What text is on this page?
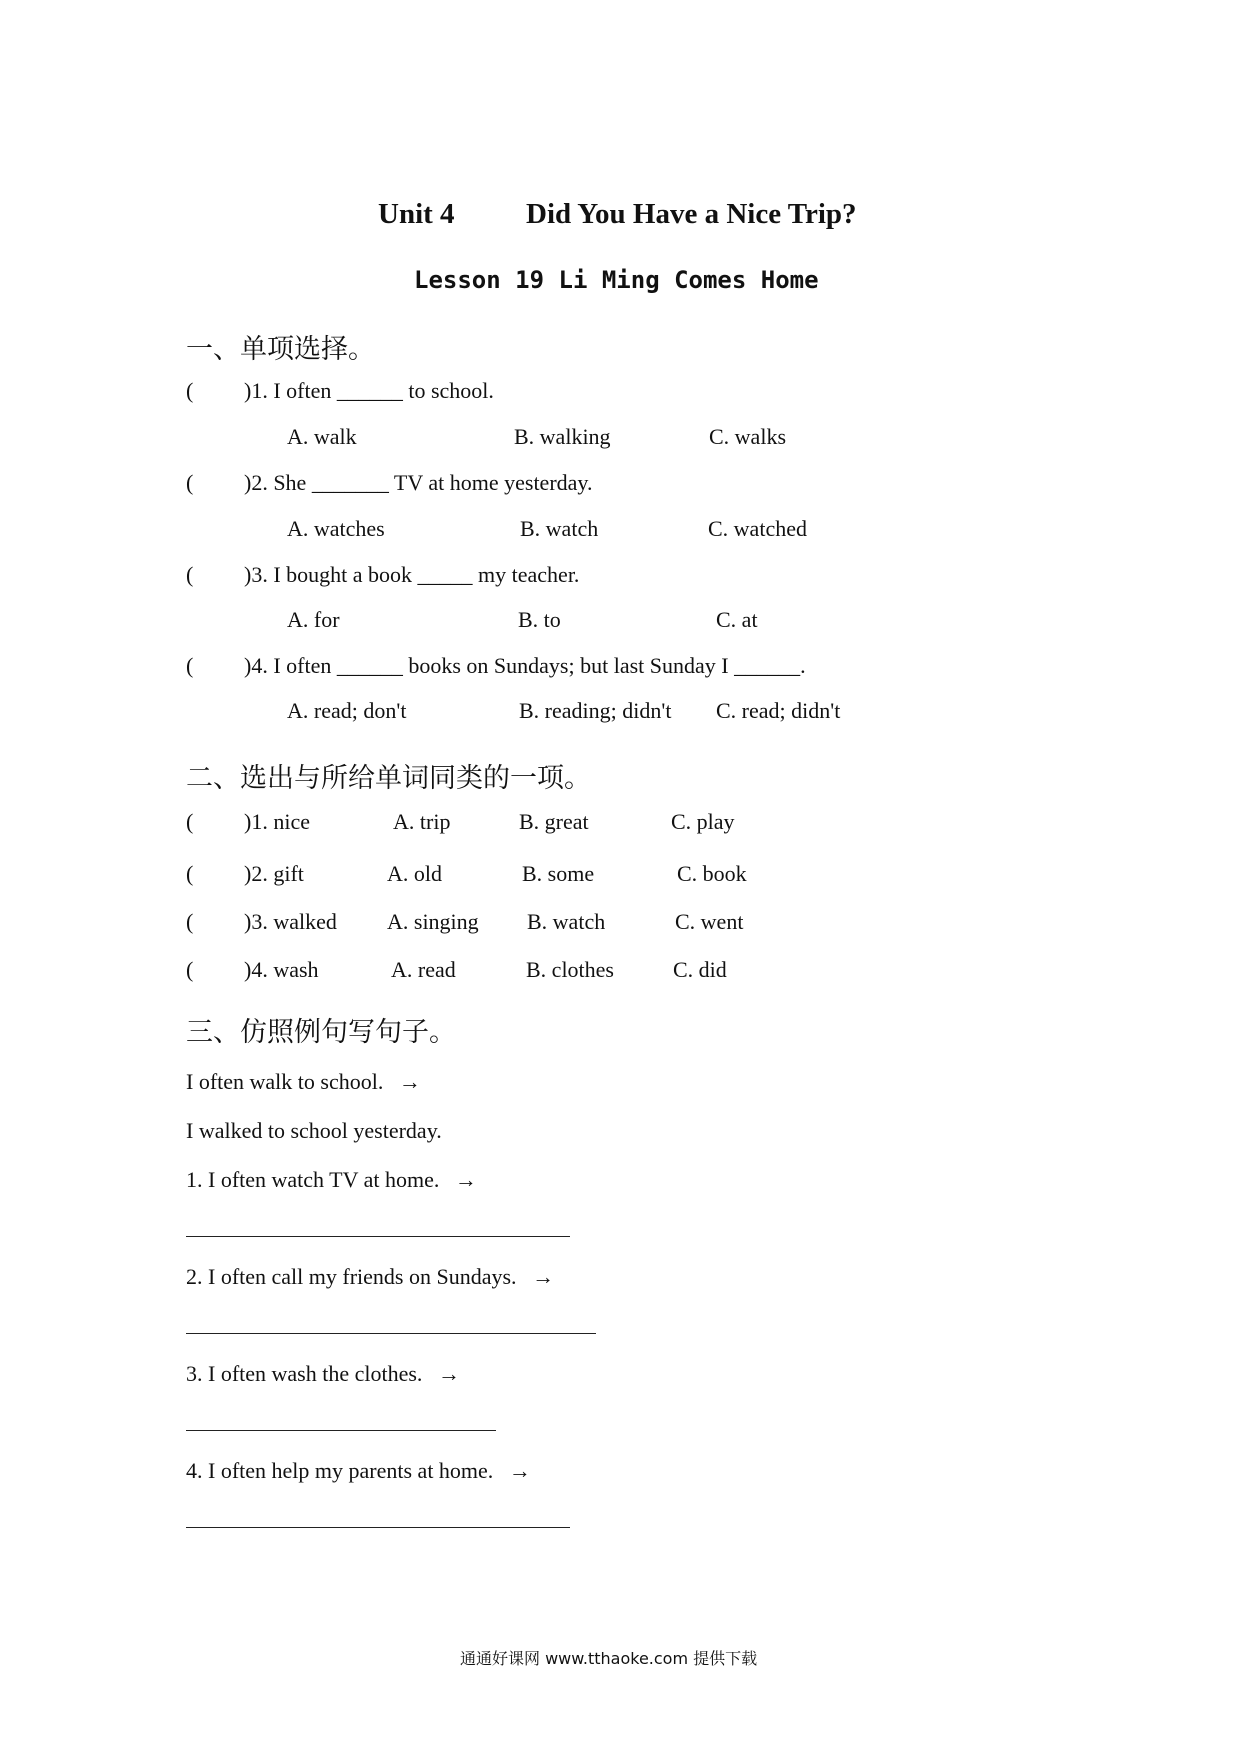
Unit 4 Did You Have a Nice Trip?
Lesson 19 Li Ming Comes Home
一、单项选择。
( )1. I often ______ to school.
A. walk	B. walking	C. walks
( )2. She _______ TV at home yesterday.
A. watches	B. watch	C. watched
( )3. I bought a book _____ my teacher.
A. for	B. to	C. at
( )4. I often ______ books on Sundays; but last Sunday I ______.
A. read; don't	B. reading; didn't C. read; didn't
二、选出与所给单词同类的一项。
( )1. nice	A. trip	B. great	C. play
( )2. gift	A. old	B. some	C. book
( )3. walked A. singing B. watch	C. went
( )4. wash	A. read	B. clothes	C. did
三、仿照例句写句子。
I often walk to school. →
I walked to school yesterday.
1. I often watch TV at home. →
2. I often call my friends on Sundays. →
3. I often wash the clothes. →
4. I often help my parents at home. →
通通好课网 www.tthaoke.com 提供下载
